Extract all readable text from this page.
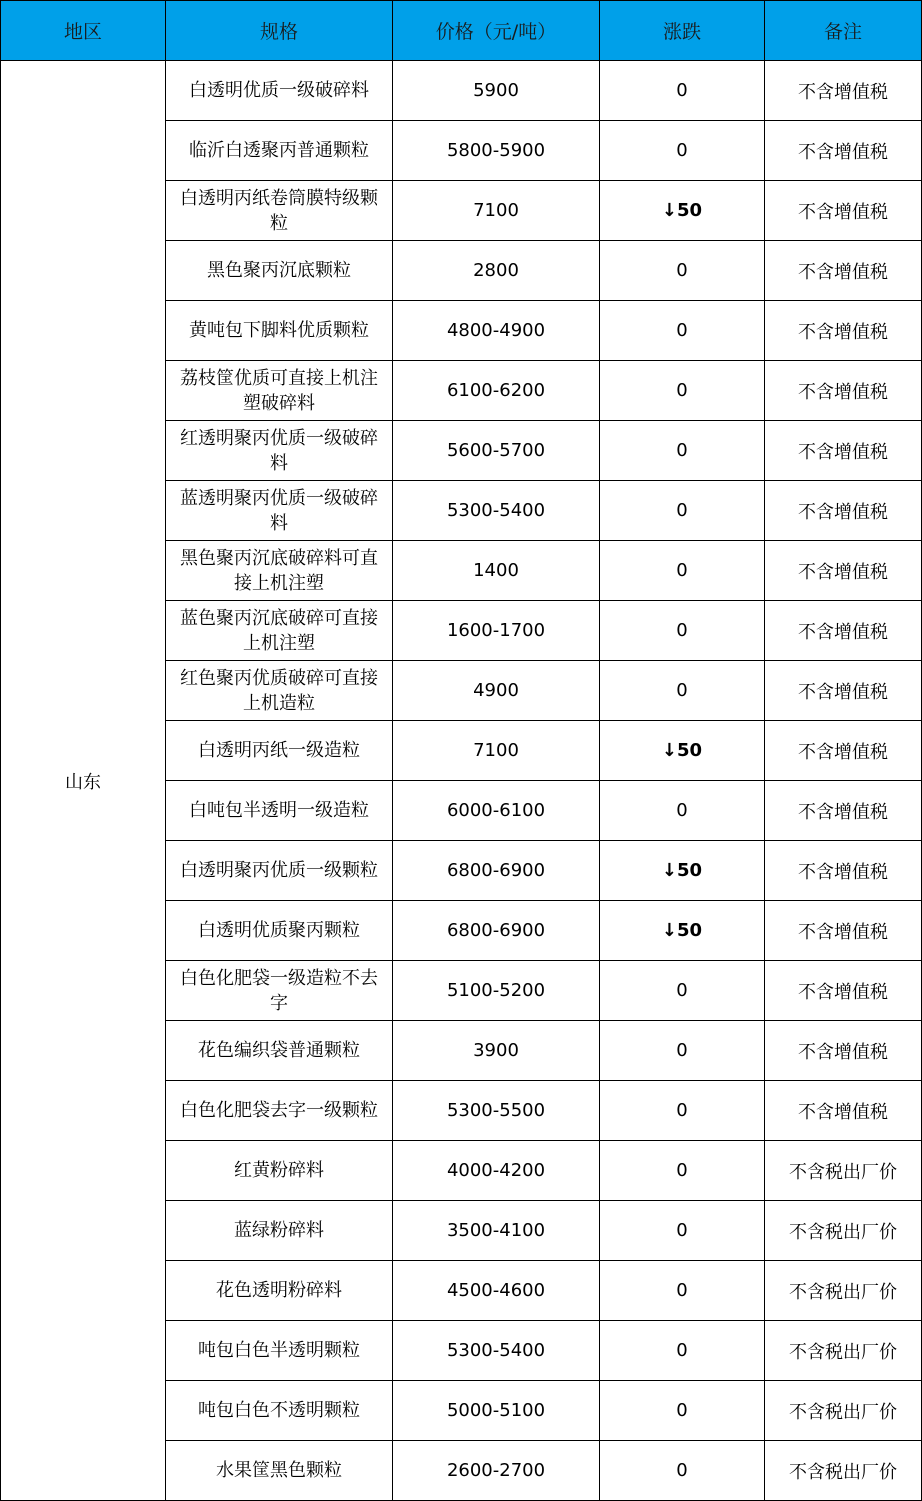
地区	规格	价格（元/吨）	涨跌	备注
山东	白透明优质一级破碎料	5900	0	不含增值税
	临沂白透聚丙普通颗粒	5800-5900	0	不含增值税
	白透明丙纸卷筒膜特级颗粒	7100	↓50	不含增值税
	黑色聚丙沉底颗粒	2800	0	不含增值税
	黄吨包下脚料优质颗粒	4800-4900	0	不含增值税
	荔枝筐优质可直接上机注塑破碎料	6100-6200	0	不含增值税
	红透明聚丙优质一级破碎料	5600-5700	0	不含增值税
	蓝透明聚丙优质一级破碎料	5300-5400	0	不含增值税
	黑色聚丙沉底破碎料可直接上机注塑	1400	0	不含增值税
	蓝色聚丙沉底破碎可直接上机注塑	1600-1700	0	不含增值税
	红色聚丙优质破碎可直接上机造粒	4900	0	不含增值税
	白透明丙纸一级造粒	7100	↓50	不含增值税
	白吨包半透明一级造粒	6000-6100	0	不含增值税
	白透明聚丙优质一级颗粒	6800-6900	↓50	不含增值税
	白透明优质聚丙颗粒	6800-6900	↓50	不含增值税
	白色化肥袋一级造粒不去字	5100-5200	0	不含增值税
	花色编织袋普通颗粒	3900	0	不含增值税
	白色化肥袋去字一级颗粒	5300-5500	0	不含增值税
	红黄粉碎料	4000-4200	0	不含税出厂价
	蓝绿粉碎料	3500-4100	0	不含税出厂价
	花色透明粉碎料	4500-4600	0	不含税出厂价
	吨包白色半透明颗粒	5300-5400	0	不含税出厂价
	吨包白色不透明颗粒	5000-5100	0	不含税出厂价
	水果筐黑色颗粒	2600-2700	0	不含税出厂价
